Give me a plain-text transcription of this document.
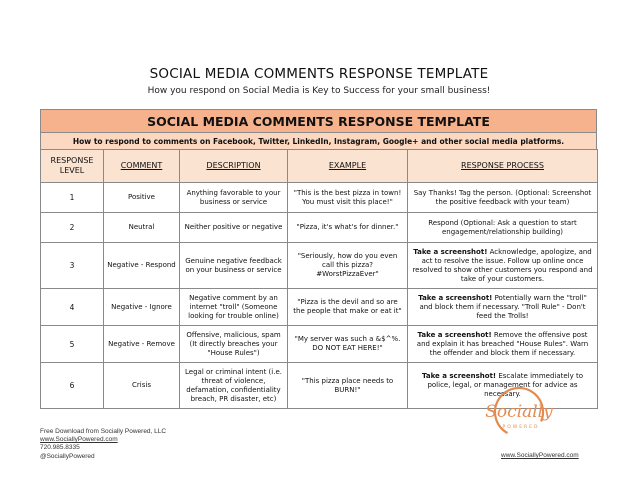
SOCIAL MEDIA COMMENTS RESPONSE TEMPLATE
How you respond on Social Media is Key to Success for your small business!
SOCIAL MEDIA COMMENTS RESPONSE TEMPLATE
How to respond to comments on Facebook, Twitter, LinkedIn, Instagram, Google+ and other social media platforms.
RESPONSE
LEVEL	COMMENT	DESCRIPTION	EXAMPLE	RESPONSE PROCESS
1	Positive	Anything favorable to your business or service	"This is the best pizza in town! You must visit this place!"	Say Thanks! Tag the person. (Optional: Screenshot the positive feedback with your team)
2	Neutral	Neither positive or negative	"Pizza, it's what's for dinner."	Respond (Optional: Ask a question to start engagement/relationship building)
3	Negative - Respond	Genuine negative feedback on your business or service	"Seriously, how do you even call this pizza? #WorstPizzaEver"	Take a screenshot! Acknowledge, apologize, and act to resolve the issue. Follow up online once resolved to show other customers you respond and take of your customers.
4	Negative - Ignore	Negative comment by an internet "troll" (Someone looking for trouble online)	"Pizza is the devil and so are the people that make or eat it"	Take a screenshot! Potentially warn the "troll" and block them if necessary. "Troll Rule" - Don't feed the Trolls!
5	Negative - Remove	Offensive, malicious, spam (It directly breaches your "House Rules")	"My server was such a &$^%. DO NOT EAT HERE!"	Take a screenshot! Remove the offensive post and explain it has breached "House Rules". Warn the offender and block them if necessary.
6	Crisis	Legal or criminal intent (i.e. threat of violence, defamation, confidentiality breach, PR disaster, etc)	"This pizza place needs to BURN!"	Take a screenshot! Escalate immediately to police, legal, or management for advice as necessary.
Socially
POWERED
Free Download from Socially Powered, LLC
www.SociallyPowered.com
720.985.8335
@SociallyPowered	www.SociallyPowered.com
